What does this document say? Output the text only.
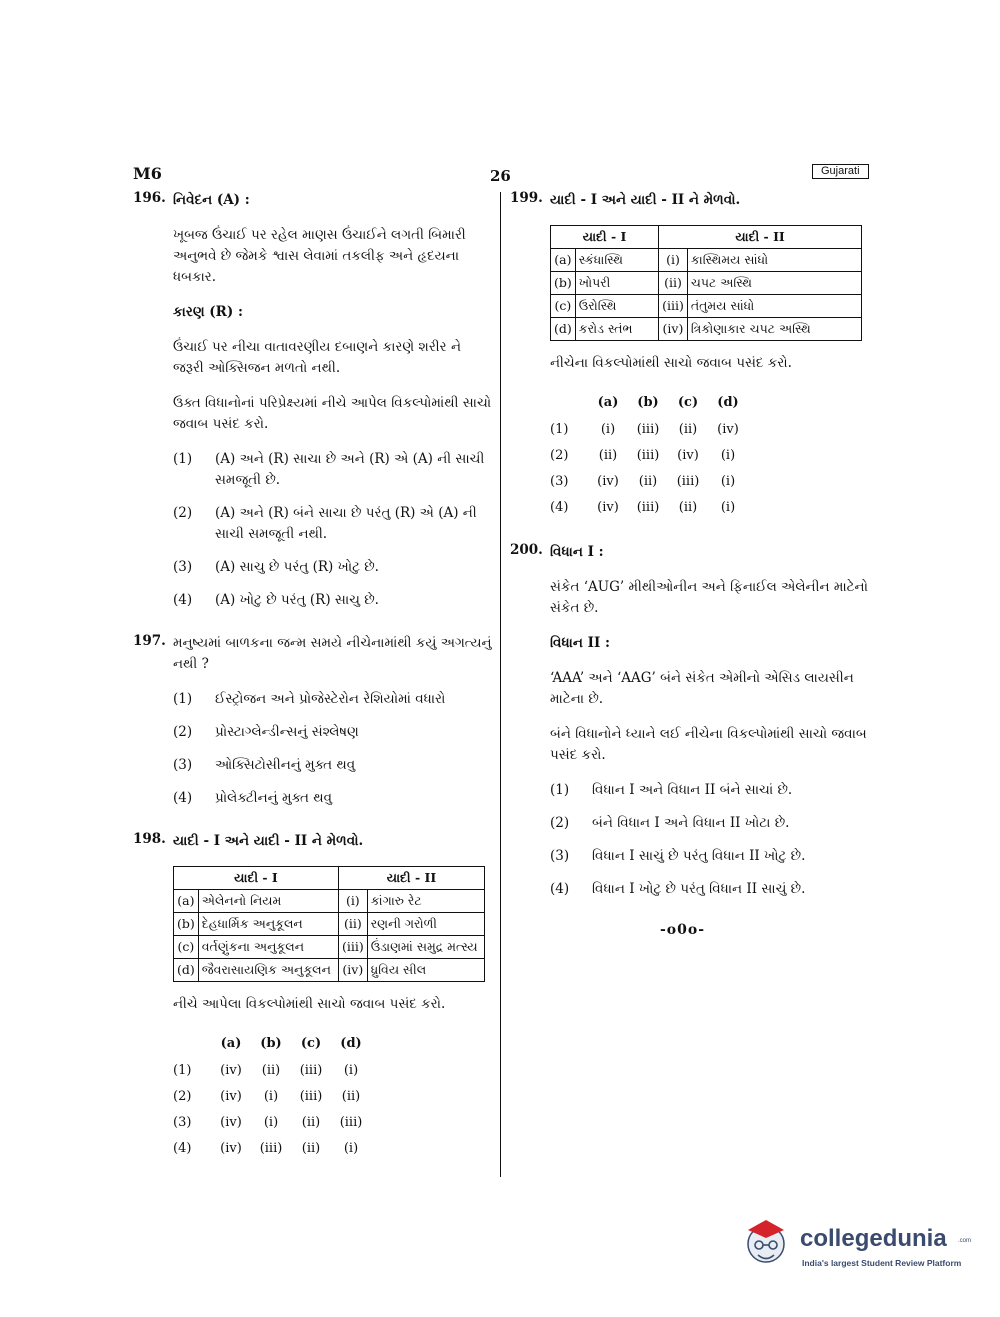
M6	26	Gujarati
196. નિવેદન (A) :

ખૂબજ ઉંચાઈ પર રહેલ માણસ ઉંચાઈને લગતી બિમારી અનુભવે છે જેમકે શ્વાસ લેવામાં તકલીફ અને હૃદયના ધબકાર.

કારણ (R) :

ઉંચાઈ પર નીચા વાતાવરણીય દબાણને કારણે શરીર ને જરૂરી ઓક્સિજન મળતો નથી.

ઉક્ત વિધાનોનાં પરિપ્રેક્ષ્યમાં નીચે આપેલ વિકલ્પોમાંથી સાચો જવાબ પસંદ કરો.

(1)	(A) અને (R) સાચા છે અને (R) એ (A) ની સાચી સમજૂતી છે.
(2)	(A) અને (R) બંને સાચા છે પરંતુ (R) એ (A) ની સાચી સમજૂતી નથી.
(3)	(A) સાચુ છે પરંતુ (R) ખોટુ છે.
(4)	(A) ખોટુ છે પરંતુ (R) સાચુ છે.
197. મનુષ્યમાં બાળકના જન્મ સમયે નીચેનામાંથી કયું અગત્યનું નથી ?

(1)	ઈસ્ટ્રોજન અને પ્રોજેસ્ટેરોન રેશિયોમાં વધારો
(2)	પ્રોસ્ટાગ્લેન્ડીન્સનું સંશ્લેષણ
(3)	ઓક્સિટોસીનનું મુક્ત થવુ
(4)	પ્રોલેક્ટીનનું મુક્ત થવુ
198. યાદી - I અને યાદી - II ને મેળવો.

યાદી - I		યાદી - II	
(a)	એલેનનો નિયમ	(i)	કાંગારુ રેટ
(b)	દેહધાર્મિક અનુકૂલન	(ii)	રણની ગરોળી
(c)	વર્તણુંકના અનુકૂલન	(iii)	ઉંડાણમાં સમુદ્ર મત્સ્ય
(d)	જૈવરાસાયણિક અનુકૂલન	(iv)	ધ્રુવિય સીલ

નીચે આપેલા વિકલ્પોમાંથી સાચો જવાબ પસંદ કરો.

	(a)	(b)	(c)	(d)
(1)	(iv)	(ii)	(iii)	(i)
(2)	(iv)	(i)	(iii)	(ii)
(3)	(iv)	(i)	(ii)	(iii)
(4)	(iv)	(iii)	(ii)	(i)
199. યાદી - I અને યાદી - II ને મેળવો.

યાદી - I		યાદી - II	
(a)	સ્કંધાસ્થિ	(i)	કાસ્થિમય સાંધો
(b)	ખોપરી	(ii)	ચપટ અસ્થિ
(c)	ઉરોસ્થિ	(iii)	તંતુમય સાંધો
(d)	કરોડ સ્તંભ	(iv)	ત્રિકોણાકાર ચપટ અસ્થિ

નીચેના વિકલ્પોમાંથી સાચો જવાબ પસંદ કરો.

	(a)	(b)	(c)	(d)
(1)	(i)	(iii)	(ii)	(iv)
(2)	(ii)	(iii)	(iv)	(i)
(3)	(iv)	(ii)	(iii)	(i)
(4)	(iv)	(iii)	(ii)	(i)
200. વિધાન I :

સંકેત ‘AUG’ મીથીઓનીન અને ફિનાઈલ એલેનીન માટેનો સંકેત છે.

વિધાન II :

‘AAA’ અને ‘AAG’ બંને સંકેત એમીનો એસિડ લાયસીન માટેના છે.

બંને વિધાનોને ધ્યાને લઈ નીચેના વિકલ્પોમાંથી સાચો જવાબ પસંદ કરો.

(1)	વિધાન I અને વિધાન II બંને સાચાં છે.
(2)	બંને વિધાન I અને વિધાન II ખોટા છે.
(3)	વિધાન I સાચું છે પરંતુ વિધાન II ખોટુ છે.
(4)	વિધાન I ખોટુ છે પરંતુ વિધાન II સાચું છે.
-o0o-
collegedunia .com
India's largest Student Review Platform
